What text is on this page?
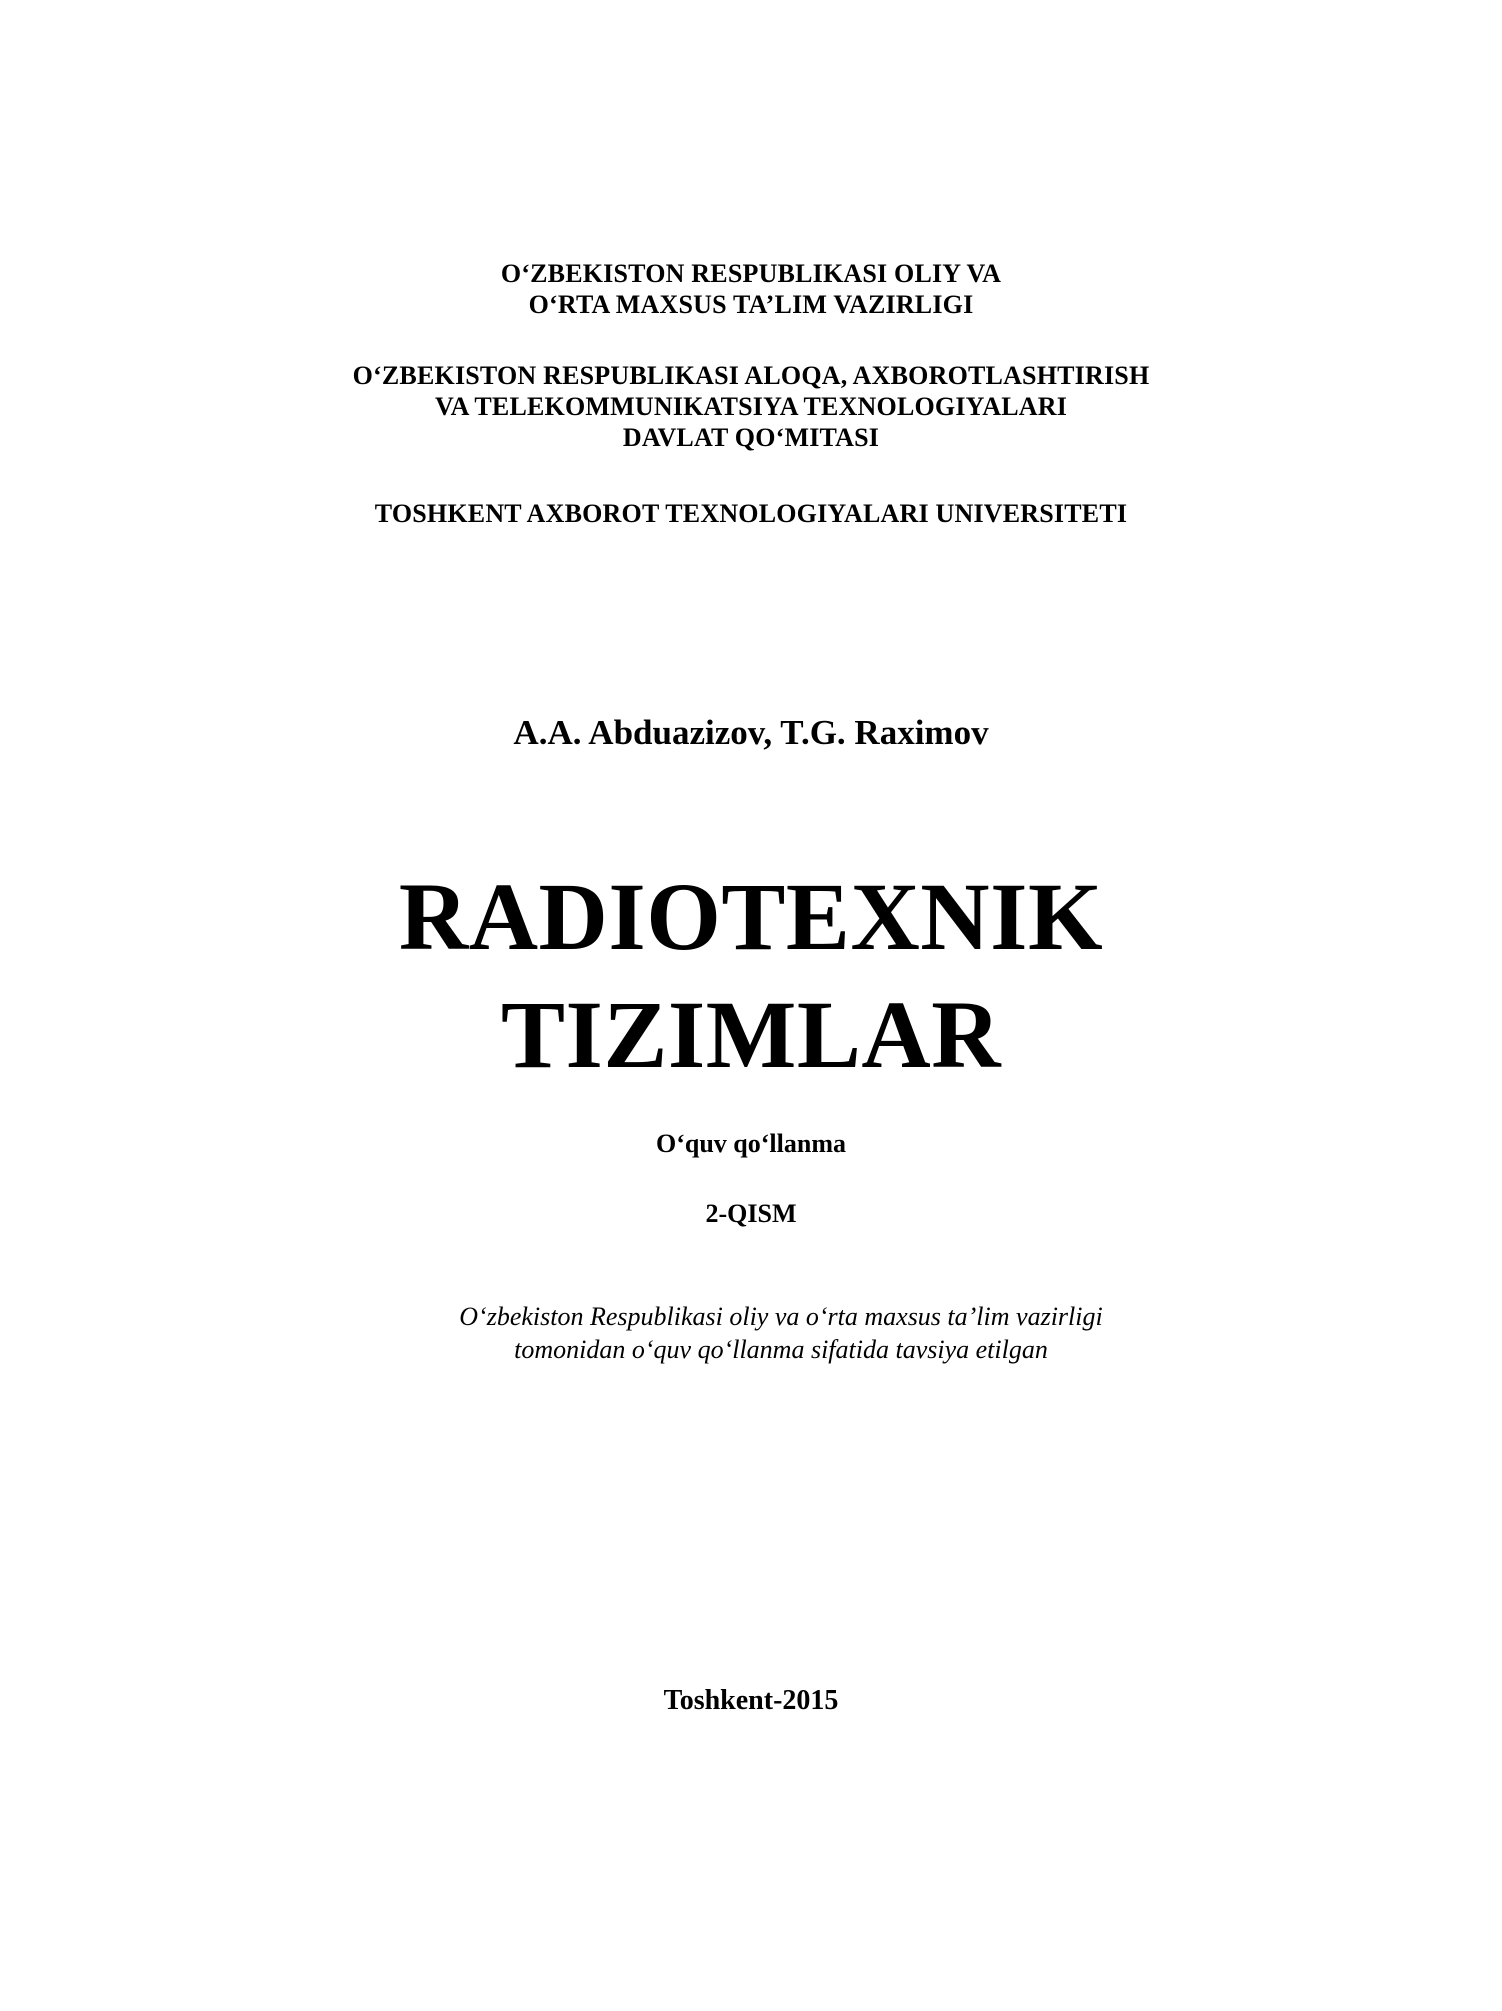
O‘ZBEKISTON RESPUBLIKASI OLIY VA
O‘RTA MAXSUS TA’LIM VAZIRLIGI
O‘ZBEKISTON RESPUBLIKASI ALOQA, AXBOROTLASHTIRISH
VA TELEKOMMUNIKATSIYA TEXNOLOGIYALARI
DAVLAT QO‘MITASI
TOSHKENT AXBOROT TEXNOLOGIYALARI UNIVERSITETI
A.A. Abduazizov, T.G. Raximov
RADIOTEXNIK
TIZIMLAR
O‘quv qo‘llanma
2-QISM
O‘zbekiston Respublikasi oliy va o‘rta maxsus ta’lim vazirligi
tomonidan o‘quv qo‘llanma sifatida tavsiya etilgan
Toshkent-2015
